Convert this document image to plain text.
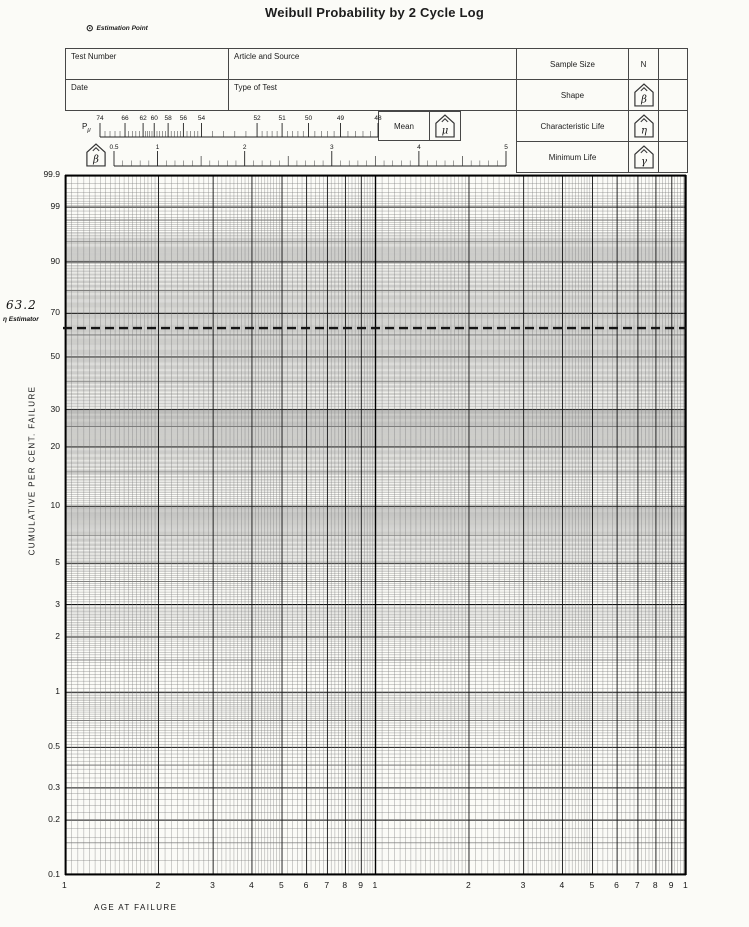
Weibull Probability by 2 Cycle Log
⊙ Estimation Point
Test Number	Article and Source
Sample Size	N
Date	Type of Test
Shape	β
Characteristic Life	η
Minimum Life	γ
Mean	μ
$P_\mu$
74	66 62 60 58 56 54	52	51	50	49	48
β
0.5	1	2	3	4	5
63.2
η Estimator
AGE AT FAILURE
CUMULATIVE PER CENT. FAILURE
99.9
99
90
70
50
30
20
10
5
3
2
1
0.5
0.3
0.2
0.1
1	2	3	4	5 6 7 8 9 1	2	3	4	5 6 7 8 9 1
